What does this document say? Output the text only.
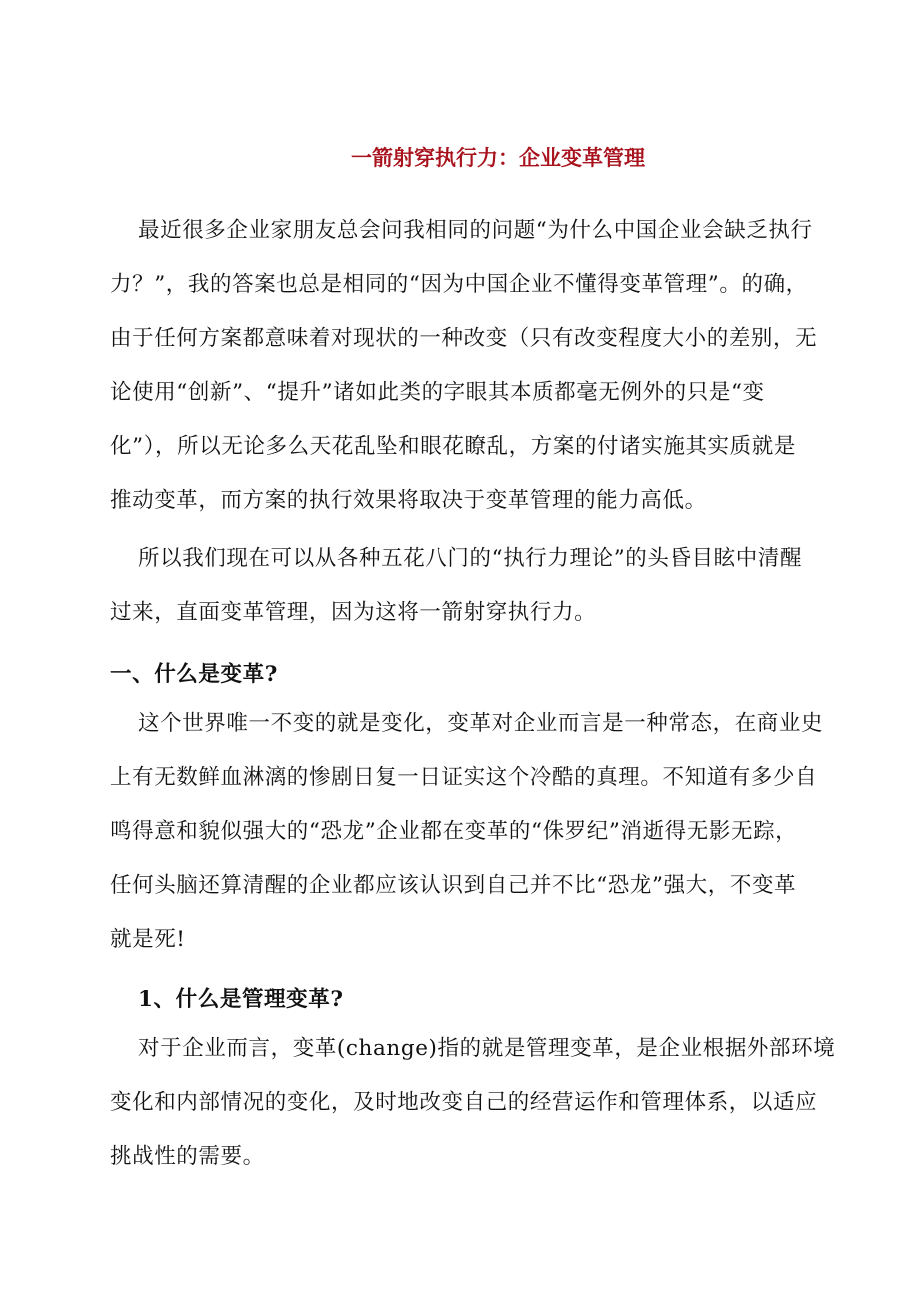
一箭射穿执行力：企业变革管理
最近很多企业家朋友总会问我相同的问题“为什么中国企业会缺乏执行
力？”，我的答案也总是相同的“因为中国企业不懂得变革管理”。的确，
由于任何方案都意味着对现状的一种改变（只有改变程度大小的差别，无
论使用“创新”、“提升”诸如此类的字眼其本质都毫无例外的只是“变
化”），所以无论多么天花乱坠和眼花瞭乱，方案的付诸实施其实质就是
推动变革，而方案的执行效果将取决于变革管理的能力高低。
所以我们现在可以从各种五花八门的“执行力理论”的头昏目眩中清醒
过来，直面变革管理，因为这将一箭射穿执行力。
一、什么是变革?
这个世界唯一不变的就是变化，变革对企业而言是一种常态，在商业史
上有无数鲜血淋漓的惨剧日复一日证实这个冷酷的真理。不知道有多少自
鸣得意和貌似强大的“恐龙”企业都在变革的“侏罗纪”消逝得无影无踪，
任何头脑还算清醒的企业都应该认识到自己并不比“恐龙”强大，不变革
就是死!
1、什么是管理变革?
对于企业而言，变革(change)指的就是管理变革，是企业根据外部环境
变化和内部情况的变化，及时地改变自己的经营运作和管理体系，以适应
挑战性的需要。
